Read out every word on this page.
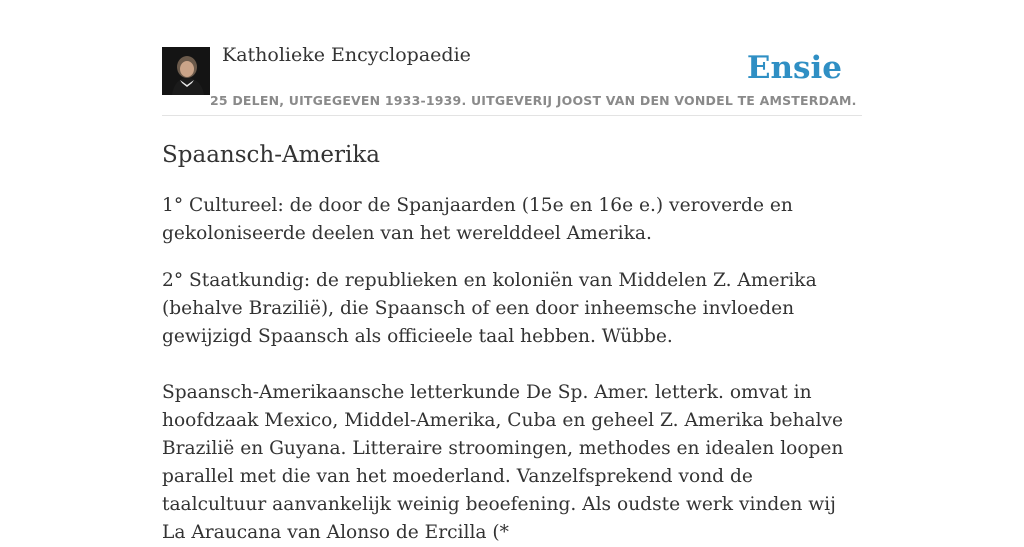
Katholieke Encyclopaedie
25 DELEN, UITGEGEVEN 1933-1939. UITGEVERIJ JOOST VAN DEN VONDEL TE AMSTERDAM.
Ensie
Spaansch-Amerika

1° Cultureel: de door de Spanjaarden (15e en 16e e.) veroverde en gekoloniseerde deelen van het werelddeel Amerika.

2° Staatkundig: de republieken en koloniën van Middelen Z. Amerika (behalve Brazilië), die Spaansch of een door inheemsche invloeden gewijzigd Spaansch als officieele taal hebben. Wübbe.

Spaansch-Amerikaansche letterkunde De Sp. Amer. letterk. omvat in hoofdzaak Mexico, Middel-Amerika, Cuba en geheel Z. Amerika behalve Brazilië en Guyana. Litteraire stroomingen, methodes en idealen loopen parallel met die van het moederland. Vanzelfsprekend vond de taalcultuur aanvankelijk weinig beoefening. Als oudste werk vinden wij La Araucana van Alonso de Ercilla (*
